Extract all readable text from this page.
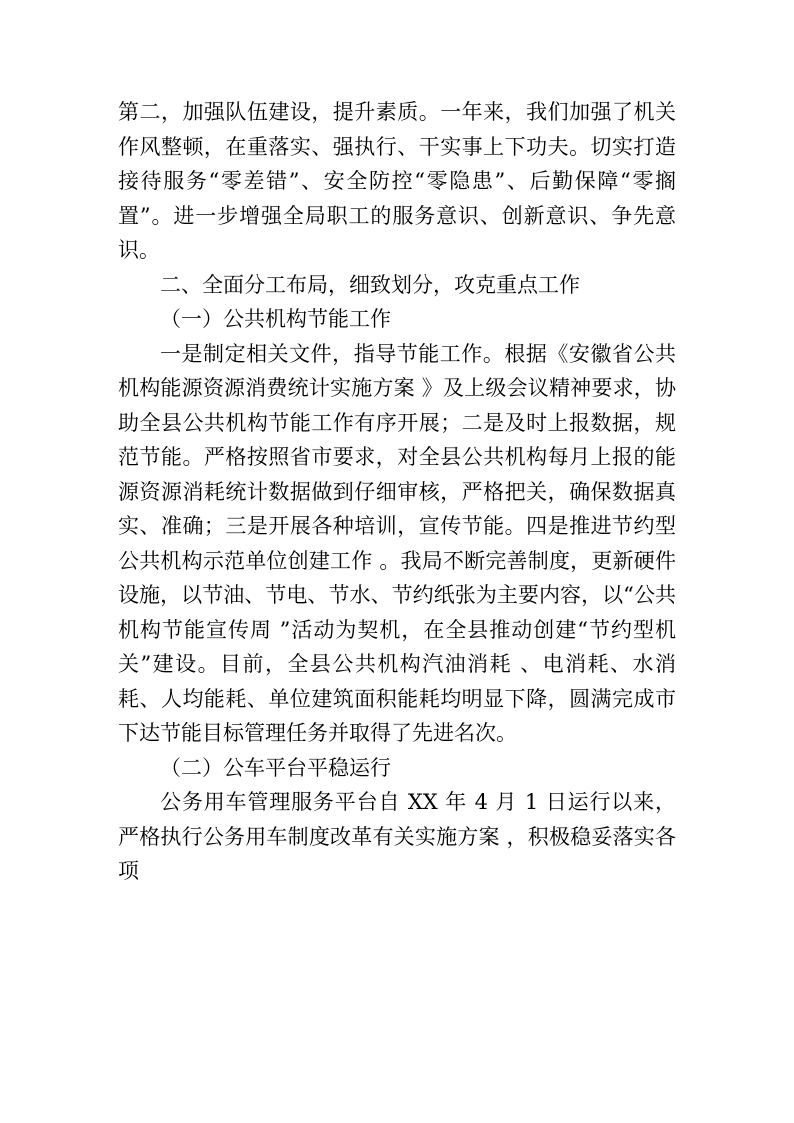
第二，加强队伍建设，提升素质。一年来，我们加强了机关作风整顿，在重落实、强执行、干实事上下功夫。切实打造接待服务“零差错”、安全防控“零隐患”、后勤保障“零搁置”。进一步增强全局职工的服务意识、创新意识、争先意识。

二、全面分工布局，细致划分，攻克重点工作

（一）公共机构节能工作

一是制定相关文件，指导节能工作。根据《安徽省公共机构能源资源消费统计实施方案 》及上级会议精神要求，协助全县公共机构节能工作有序开展；二是及时上报数据，规范节能。严格按照省市要求，对全县公共机构每月上报的能源资源消耗统计数据做到仔细审核，严格把关，确保数据真实、准确；三是开展各种培训，宣传节能。四是推进节约型公共机构示范单位创建工作 。我局不断完善制度，更新硬件设施，以节油、节电、节水、节约纸张为主要内容，以“公共机构节能宣传周 ”活动为契机，在全县推动创建“节约型机关”建设。目前，全县公共机构汽油消耗 、电消耗、水消耗、人均能耗、单位建筑面积能耗均明显下降，圆满完成市下达节能目标管理任务并取得了先进名次。

（二）公车平台平稳运行

公务用车管理服务平台自 XX 年 4 月 1 日运行以来，严格执行公务用车制度改革有关实施方案 ，积极稳妥落实各项
